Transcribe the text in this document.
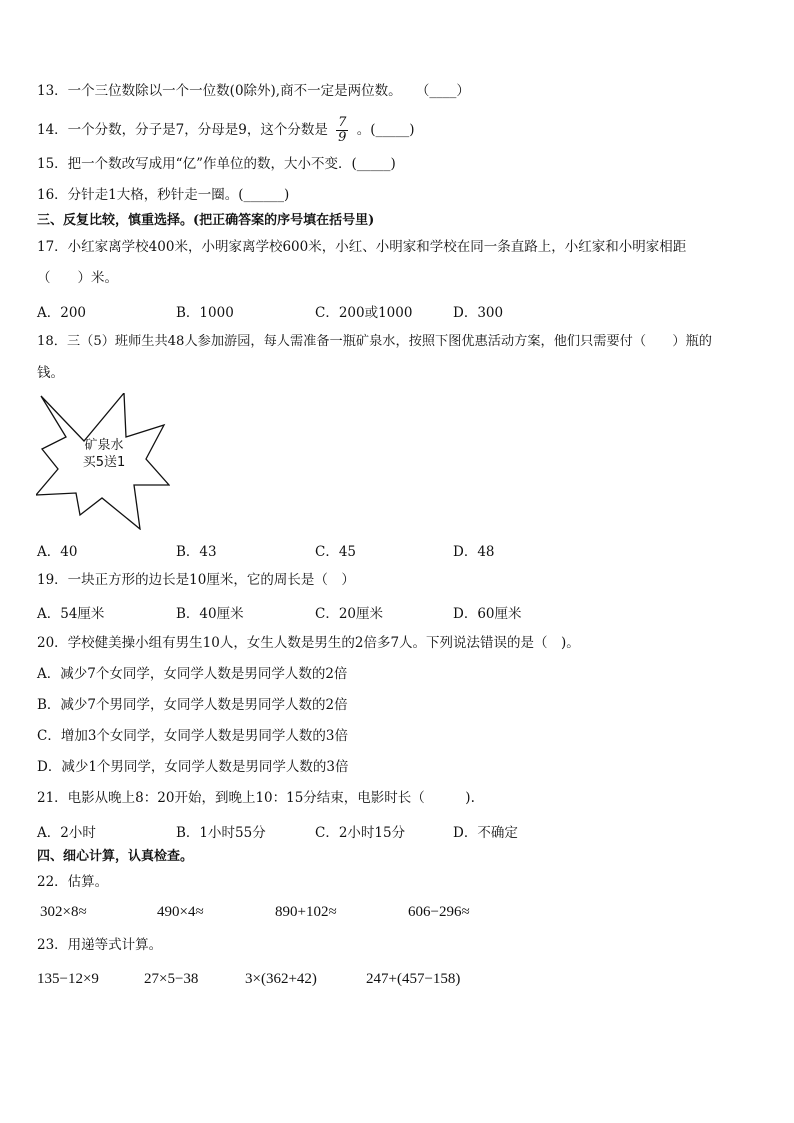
13．一个三位数除以一个一位数(0除外),商不一定是两位数。 （____）
14．一个分数，分子是7，分母是9，这个分数是 $\frac{7}{9}$ 。(_____)
15．把一个数改写成用“亿”作单位的数，大小不变．(_____)
16．分针走1大格，秒针走一圈。(______)
三、反复比较，慎重选择。(把正确答案的序号填在括号里)
17．小红家离学校400米，小明家离学校600米，小红、小明家和学校在同一条直路上，小红家和小明家相距
（　　）米。
A．200	B．1000	C．200或1000	D．300
18．三（5）班师生共48人参加游园，每人需准备一瓶矿泉水，按照下图优惠活动方案，他们只需要付（　　）瓶的
钱。
矿泉水
买5送1
A．40	B．43	C．45	D．48
19．一块正方形的边长是10厘米，它的周长是（　）
A．54厘米	B．40厘米	C．20厘米	D．60厘米
20．学校健美操小组有男生10人，女生人数是男生的2倍多7人。下列说法错误的是（　)。
A．减少7个女同学，女同学人数是男同学人数的2倍
B．减少7个男同学，女同学人数是男同学人数的2倍
C．增加3个女同学，女同学人数是男同学人数的3倍
D．减少1个男同学，女同学人数是男同学人数的3倍
21．电影从晚上8：20开始，到晚上10：15分结束，电影时长（　　　).
A．2小时	B．1小时55分	C．2小时15分	D．不确定
四、细心计算，认真检查。
22．估算。
302×8≈	490×4≈	890+102≈	606−296≈
23．用递等式计算。
135−12×9	27×5−38	3×(362+42)	247+(457−158)
